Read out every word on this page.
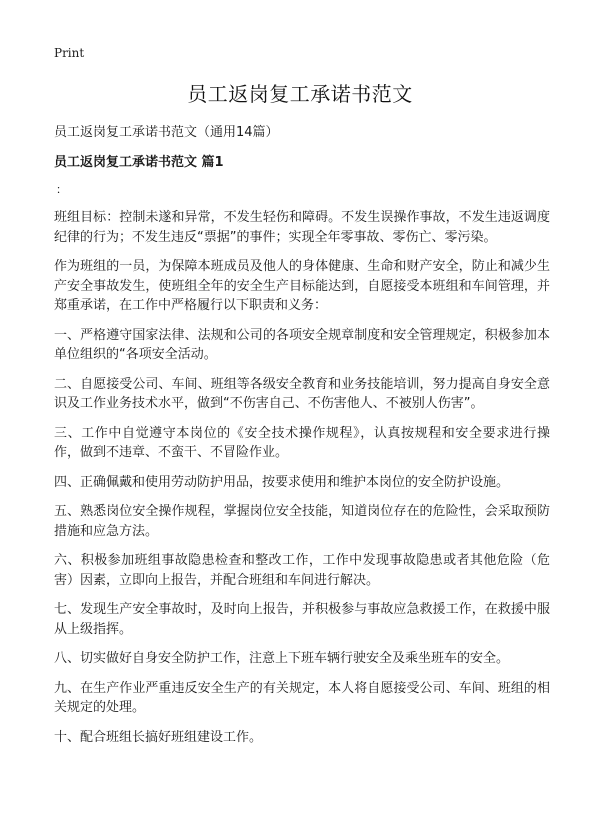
Print
员工返岗复工承诺书范文

员工返岗复工承诺书范文（通用14篇）

员工返岗复工承诺书范文 篇1

：

班组目标：控制未遂和异常，不发生轻伤和障碍。不发生误操作事故，不发生违返调度纪律的行为；不发生违反“票据”的事件；实现全年零事故、零伤亡、零污染。

作为班组的一员，为保障本班成员及他人的身体健康、生命和财产安全，防止和减少生产安全事故发生，使班组全年的安全生产目标能达到，自愿接受本班组和车间管理，并郑重承诺，在工作中严格履行以下职责和义务：

一、严格遵守国家法律、法规和公司的各项安全规章制度和安全管理规定，积极参加本单位组织的“各项安全活动。

二、自愿接受公司、车间、班组等各级安全教育和业务技能培训，努力提高自身安全意识及工作业务技术水平，做到“不伤害自己、不伤害他人、不被别人伤害”。

三、工作中自觉遵守本岗位的《安全技术操作规程》，认真按规程和安全要求进行操作，做到不违章、不蛮干、不冒险作业。

四、正确佩戴和使用劳动防护用品，按要求使用和维护本岗位的安全防护设施。

五、熟悉岗位安全操作规程，掌握岗位安全技能，知道岗位存在的危险性，会采取预防措施和应急方法。

六、积极参加班组事故隐患检查和整改工作，工作中发现事故隐患或者其他危险（危害）因素，立即向上报告，并配合班组和车间进行解决。

七、发现生产安全事故时，及时向上报告，并积极参与事故应急救援工作，在救援中服从上级指挥。

八、切实做好自身安全防护工作，注意上下班车辆行驶安全及乘坐班车的安全。

九、在生产作业严重违反安全生产的有关规定，本人将自愿接受公司、车间、班组的相关规定的处理。

十、配合班组长搞好班组建设工作。
